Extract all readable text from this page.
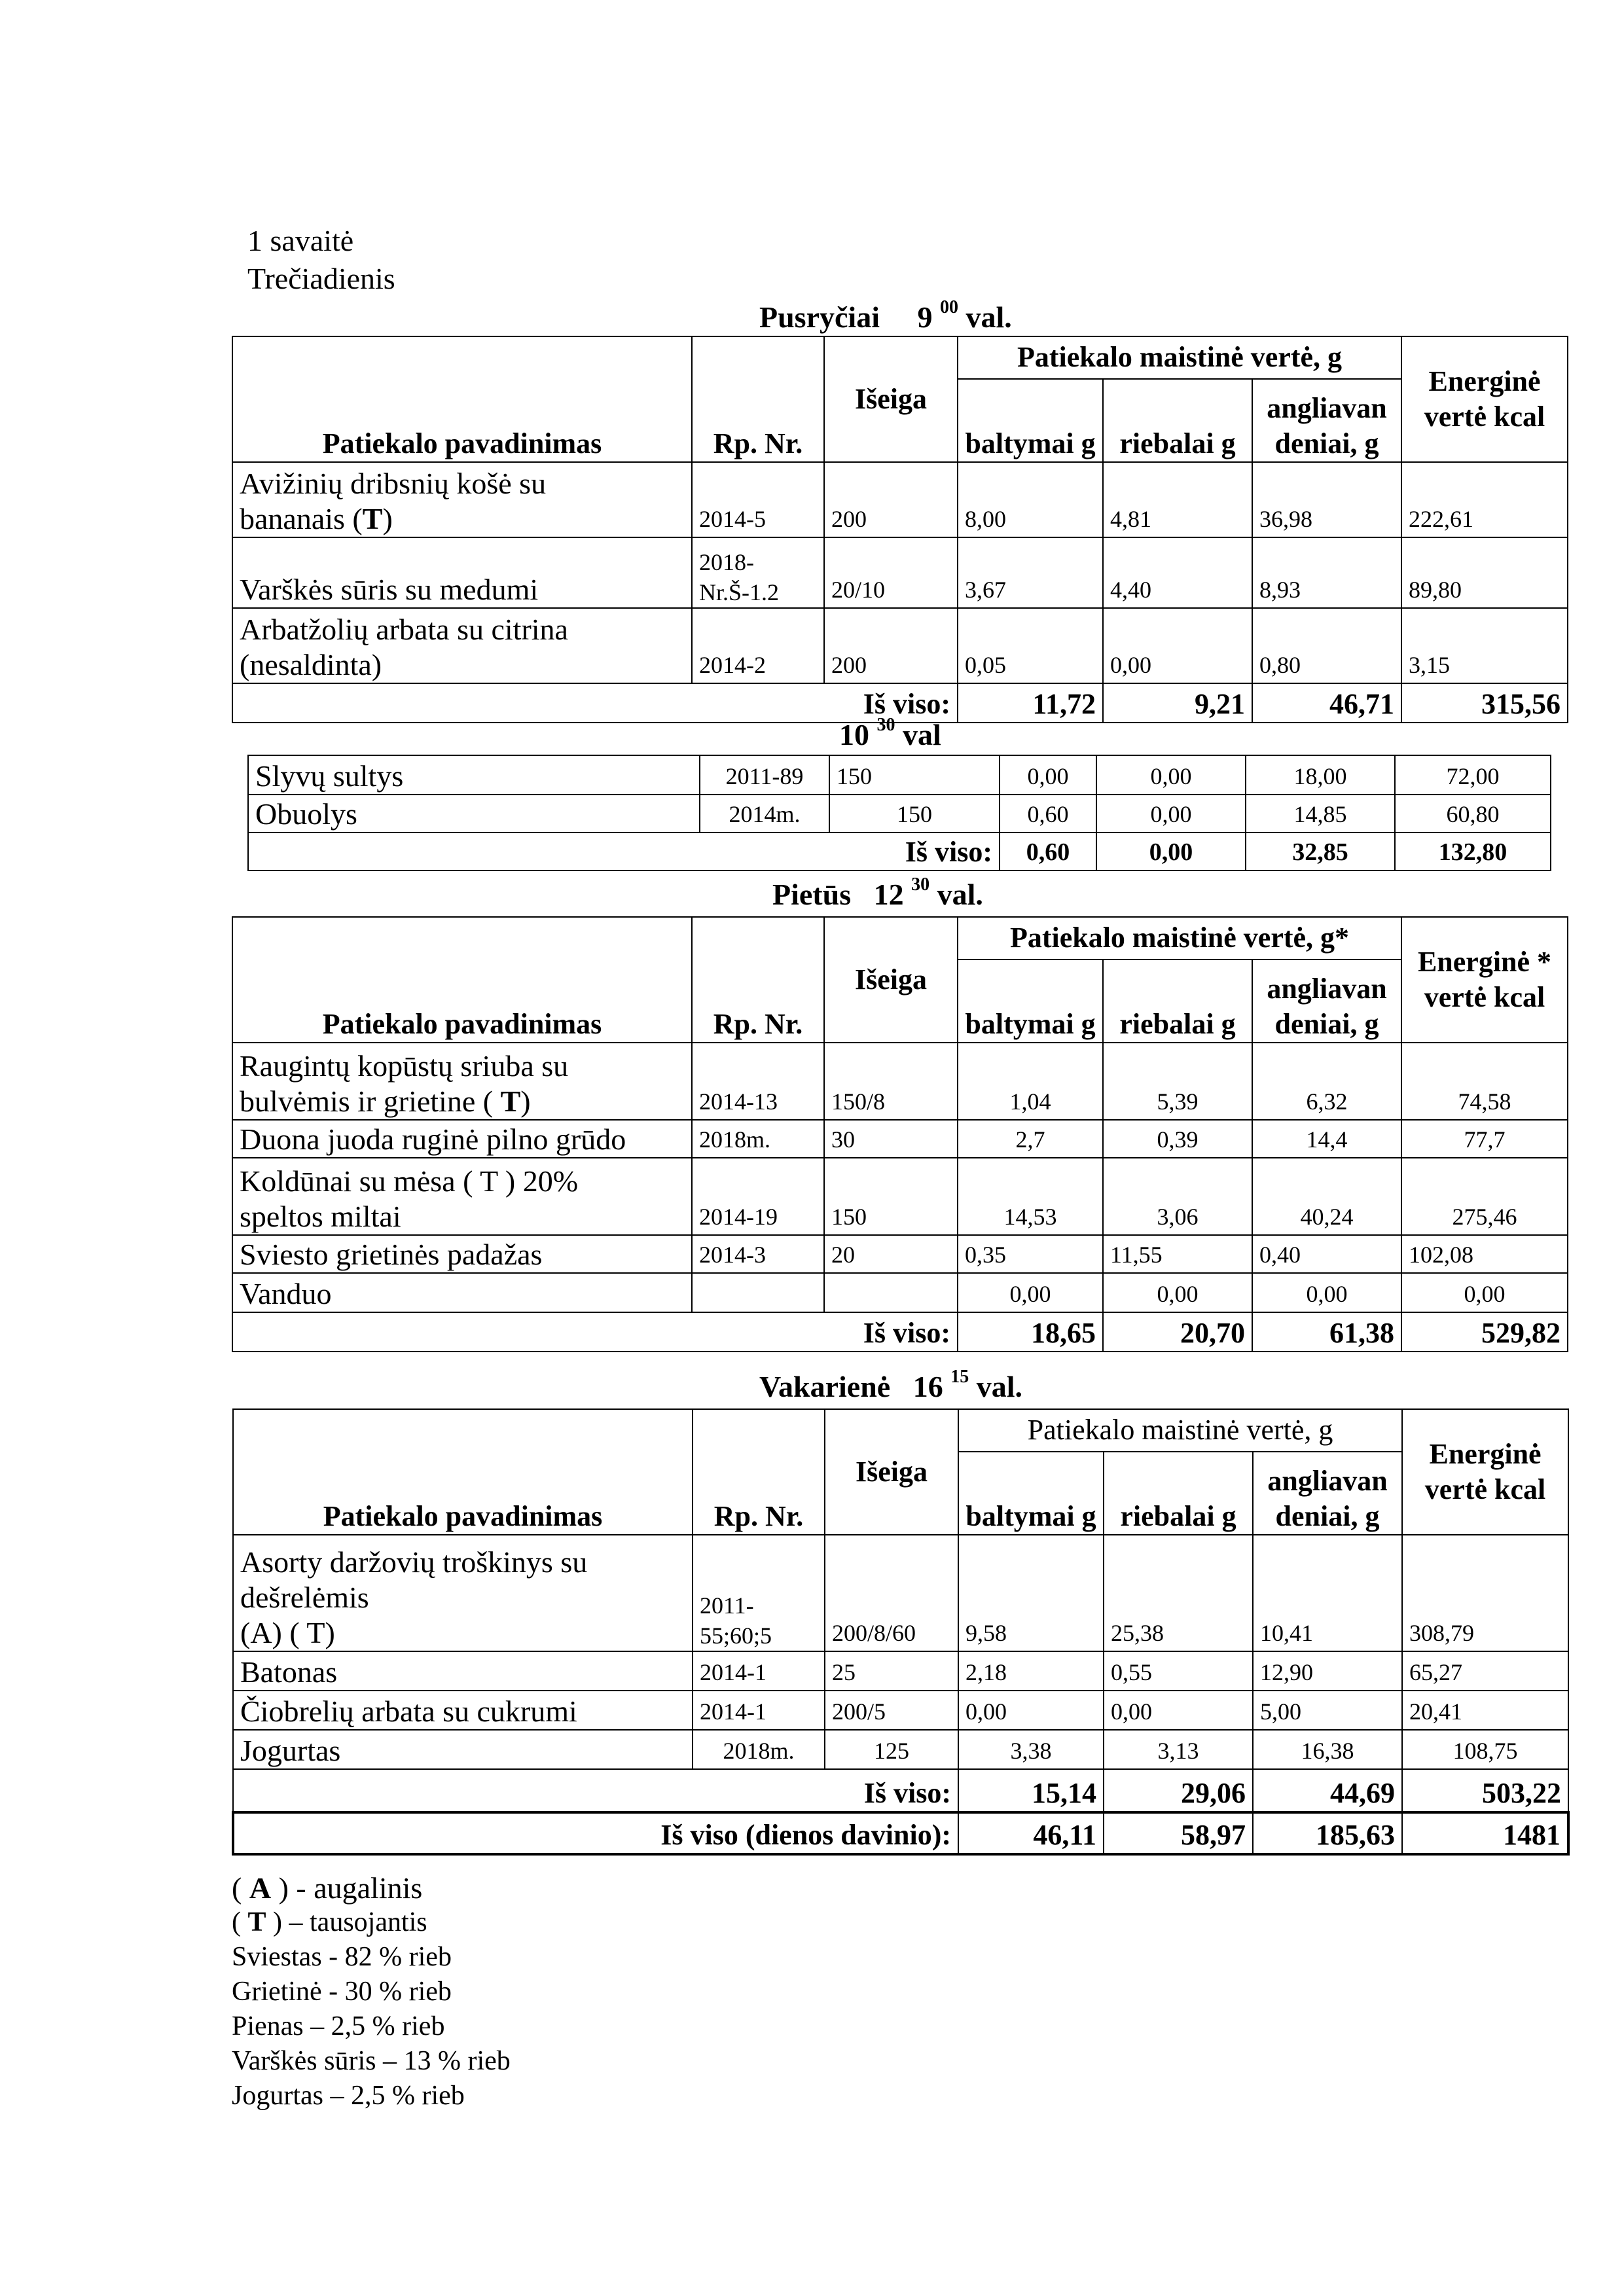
1 savaitė
Trečiadienis
Pusryčiai 9 $^{00}$ val.
Patiekalo pavadinimas	Rp. Nr.	Išeiga	Patiekalo maistinė vertė, g			Energinė vertė kcal
			baltymai g	riebalai g	angliavan deniai, g	
Avižinių dribsnių košė su
bananais (T)	2014-5	200	8,00	4,81	36,98	222,61
Varškės sūris su medumi	2018- Nr.Š-1.2	20/10	3,67	4,40	8,93	89,80
Arbatžolių arbata su citrina
(nesaldinta)	2014-2	200	0,05	0,00	0,80	3,15
Iš viso:			11,72	9,21	46,71	315,56
10 $^{30}$ val
Slyvų sultys	2011-89	150	0,00	0,00	18,00	72,00
Obuolys	2014m.	150	0,60	0,00	14,85	60,80
Iš viso:			0,60	0,00	32,85	132,80
Pietūs 12 $^{30}$ val.
Patiekalo pavadinimas	Rp. Nr.	Išeiga	Patiekalo maistinė vertė, g*			Energinė * vertė kcal
			baltymai g	riebalai g	angliavan deniai, g	
Raugintų kopūstų sriuba su
bulvėmis ir grietine ( T)	2014-13	150/8	1,04	5,39	6,32	74,58
Duona juoda ruginė pilno grūdo	2018m.	30	2,7	0,39	14,4	77,7
Koldūnai su mėsa ( T ) 20%
speltos miltai	2014-19	150	14,53	3,06	40,24	275,46
Sviesto grietinės padažas	2014-3	20	0,35	11,55	0,40	102,08
Vanduo			0,00	0,00	0,00	0,00
Iš viso:			18,65	20,70	61,38	529,82
Vakarienė 16 $^{15}$ val.
Patiekalo pavadinimas	Rp. Nr.	Išeiga	Patiekalo maistinė vertė, g			Energinė vertė kcal
			baltymai g	riebalai g	angliavan deniai, g	
Asorty daržovių troškinys su
dešrelėmis
(A) ( T)	2011- 55;60;5	200/8/60	9,58	25,38	10,41	308,79
Batonas	2014-1	25	2,18	0,55	12,90	65,27
Čiobrelių arbata su cukrumi	2014-1	200/5	0,00	0,00	5,00	20,41
Jogurtas	2018m.	125	3,38	3,13	16,38	108,75
Iš viso:			15,14	29,06	44,69	503,22
Iš viso (dienos davinio):			46,11	58,97	185,63	1481
( A ) - augalinis
( T ) – tausojantis
Sviestas - 82 % rieb
Grietinė - 30 % rieb
Pienas – 2,5 % rieb
Varškės sūris – 13 % rieb
Jogurtas – 2,5 % rieb
